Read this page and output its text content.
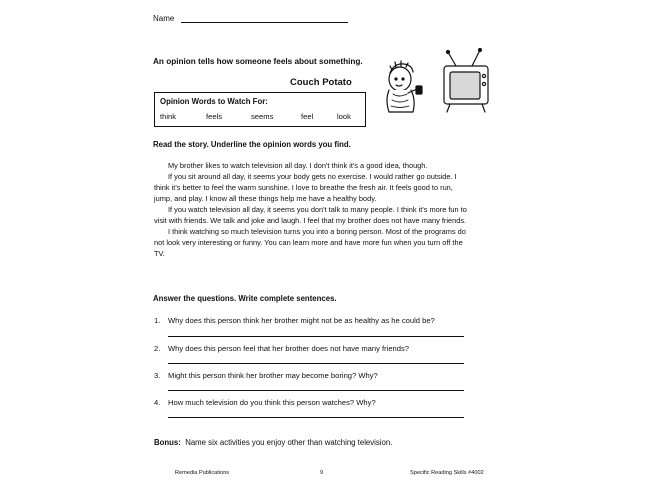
Name
An opinion tells how someone feels about something.
Couch Potato
Opinion Words to Watch For:
think	feels	seems	feel	look
Read the story. Underline the opinion words you find.

My brother likes to watch television all day. I don't think it's a good idea, though.

If you sit around all day, it seems your body gets no exercise. I would rather go outside. I think it's better to feel the warm sunshine. I love to breathe the fresh air. It feels good to run, jump, and play. I know all these things help me have a healthy body.

If you watch television all day, it seems you don't talk to many people. I think it's more fun to visit with friends. We talk and joke and laugh. I feel that my brother does not have many friends.

I think watching so much television turns you into a boring person. Most of the programs do not look very interesting or funny. You can learn more and have more fun when you turn off the TV.

Answer the questions. Write complete sentences.
1. Why does this person think her brother might not be as healthy as he could be?
2. Why does this person feel that her brother does not have many friends?
3. Might this person think her brother may become boring? Why?
4. How much television do you think this person watches? Why?
Bonus: Name six activities you enjoy other than watching television.
Remedia Publications	9	Specific Reading Skills #4002
